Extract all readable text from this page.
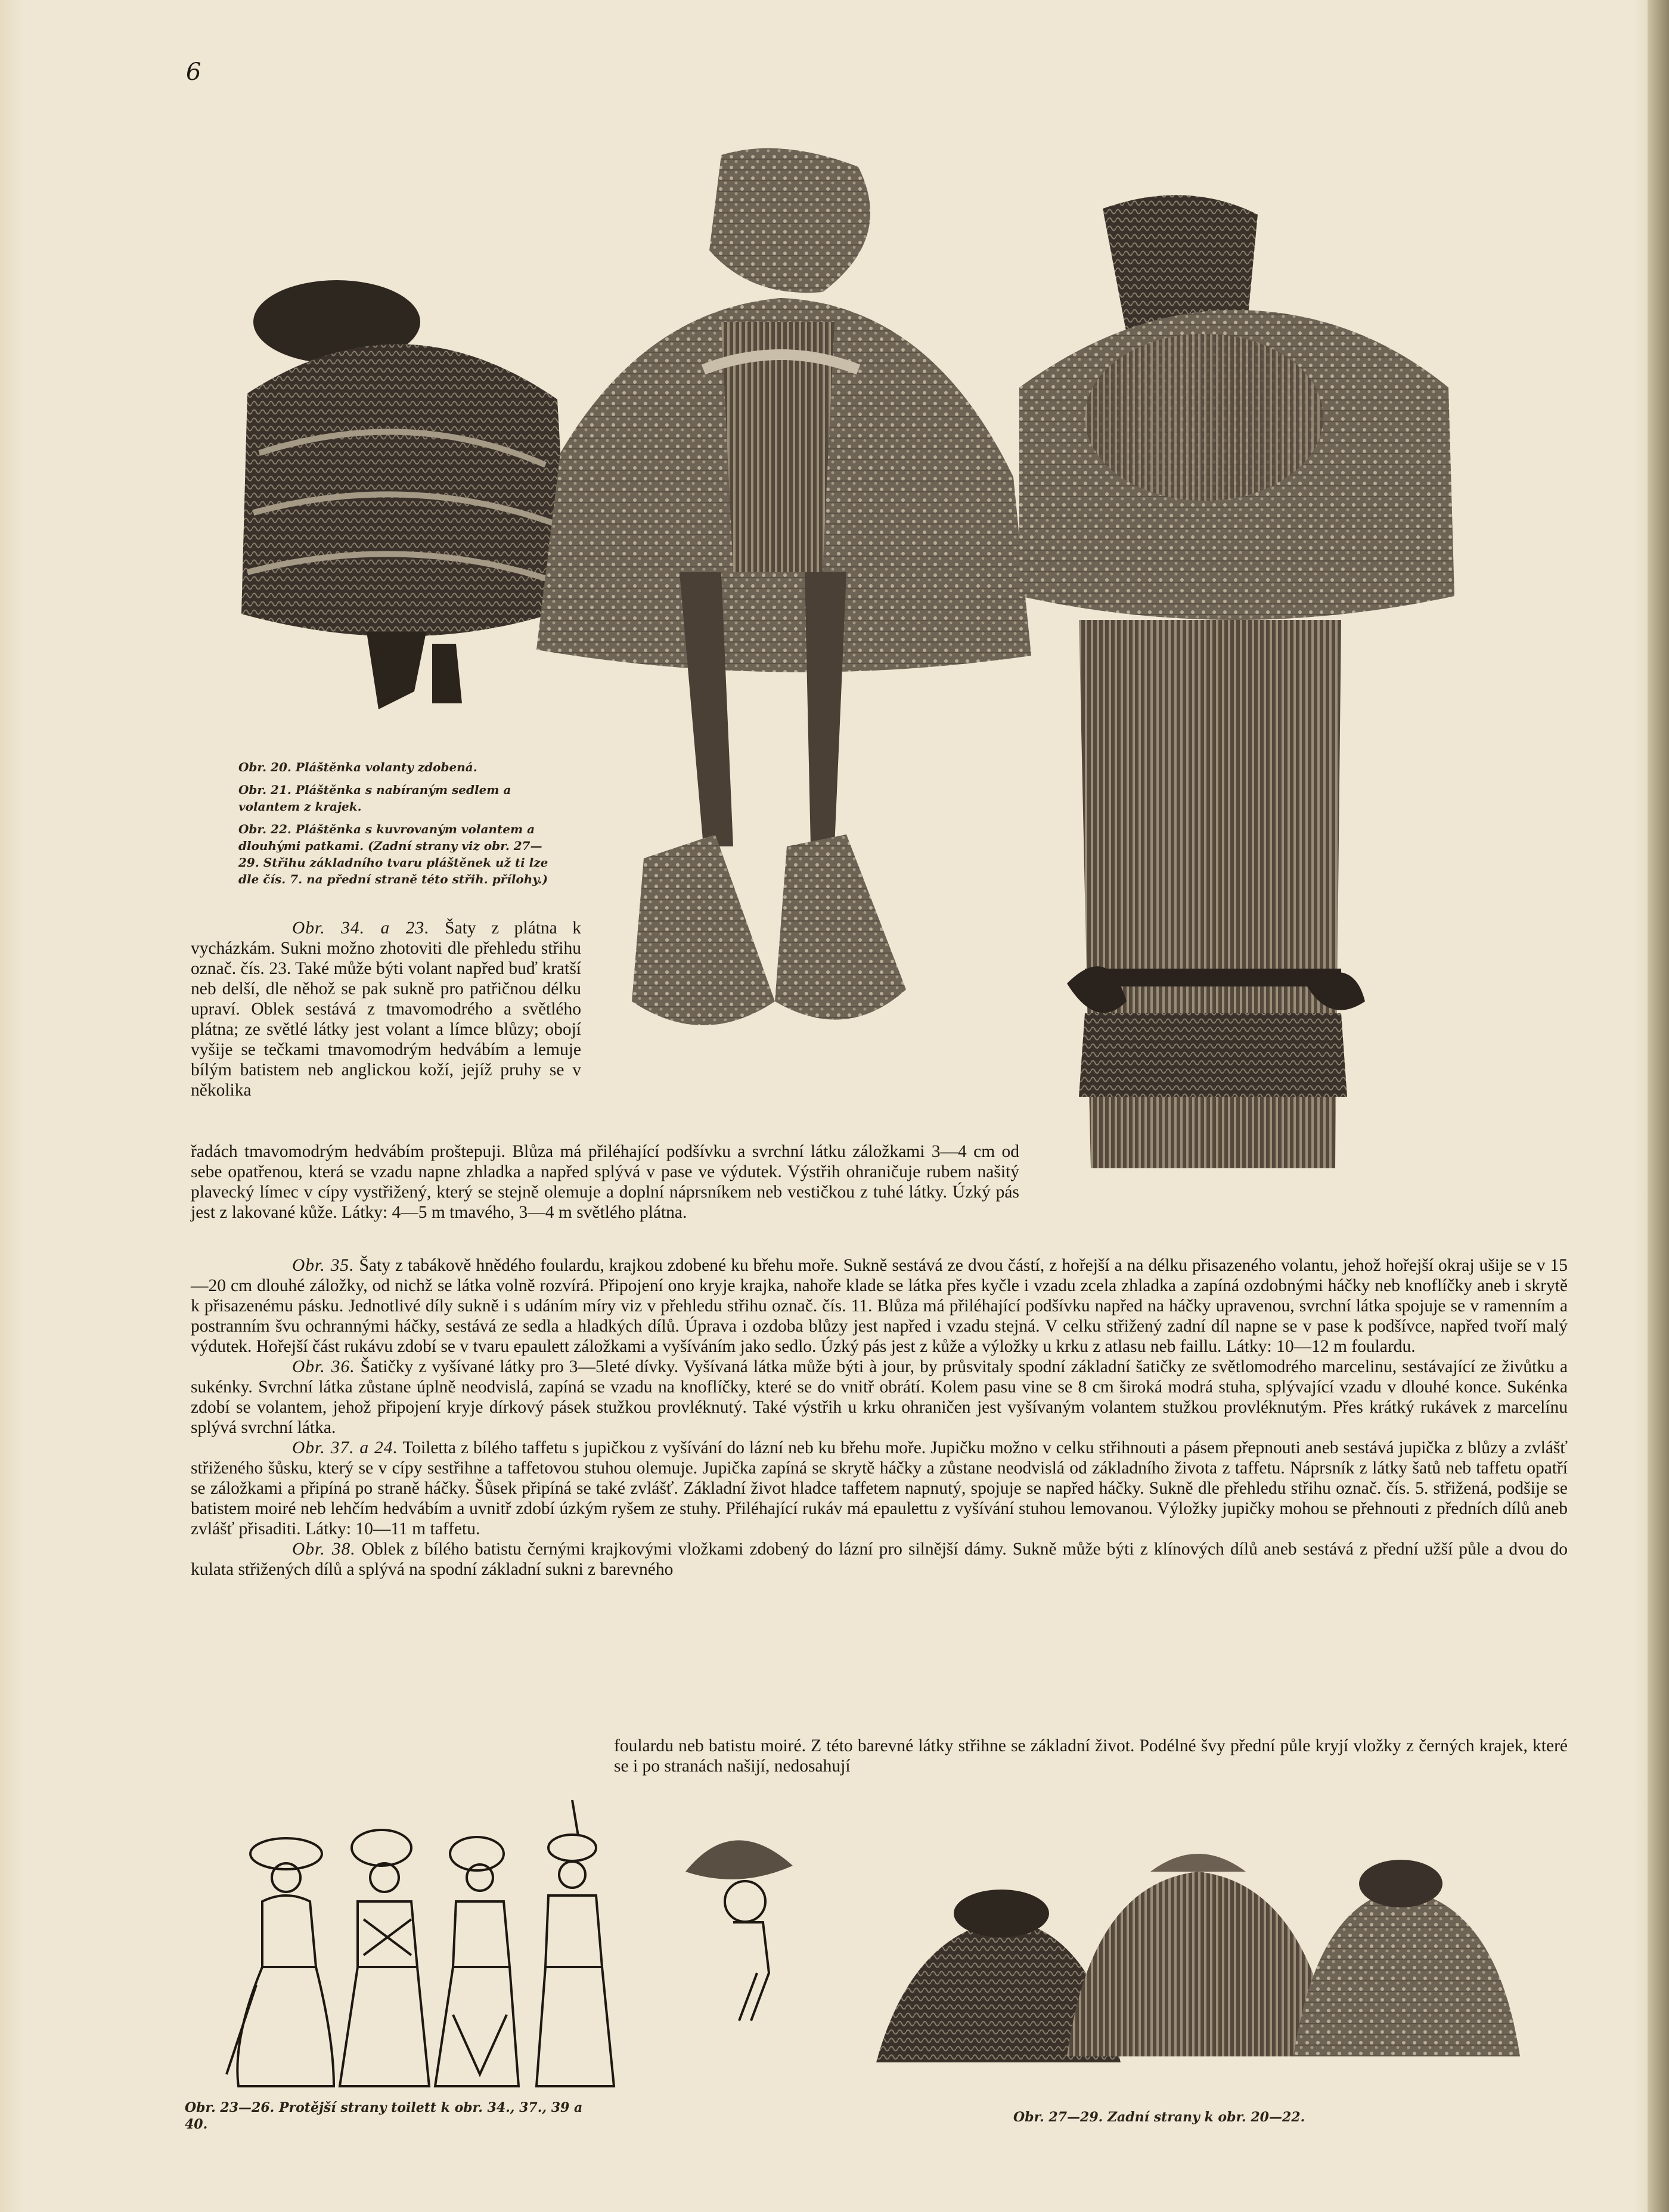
6
Obr. 20. Pláštěnka volanty zdobená.
Obr. 21. Pláštěnka s nabíraným sedlem a volantem z krajek.
Obr. 22. Pláštěnka s kuvrovaným volantem a dlouhými patkami. (Zadní strany viz obr. 27—29. Střihu základního tvaru pláštěnek už ti lze dle čís. 7. na přední straně této střih. přílohy.)

Obr. 34. a 23. Šaty z plátna k vycházkám. Sukni možno zhotoviti dle přehledu střihu označ. čís. 23. Také může býti volant napřed buď kratší neb delší, dle něhož se pak sukně pro patřičnou délku upraví. Oblek sestává z tmavomodrého a světlého plátna; ze světlé látky jest volant a límce blůzy; obojí vyšije se tečkami tmavomodrým hedvábím a lemuje bílým batistem neb anglickou koží, jejíž pruhy se v několika

řadách tmavomodrým hedvábím proštepuji. Blůza má přiléhající podšívku a svrchní látku záložkami 3—4 cm od sebe opatřenou, která se vzadu napne zhladka a napřed splývá v pase ve výdutek. Výstřih ohraničuje rubem našitý plavecký límec v cípy vystřižený, který se stejně olemuje a doplní náprsníkem neb vestičkou z tuhé látky. Úzký pás jest z lakované kůže. Látky: 4—5 m tmavého, 3—4 m světlého plátna.

Obr. 35. Šaty z tabákově hnědého foulardu, krajkou zdobené ku břehu moře. Sukně sestává ze dvou částí, z hořejší a na délku přisazeného volantu, jehož hořejší okraj ušije se v 15—20 cm dlouhé záložky, od nichž se látka volně rozvírá. Připojení ono kryje krajka, nahoře klade se látka přes kyčle i vzadu zcela zhladka a zapíná ozdobnými háčky neb knoflíčky aneb i skrytě k přisazenému pásku. Jednotlivé díly sukně i s udáním míry viz v přehledu střihu označ. čís. 11. Blůza má přiléhající podšívku napřed na háčky upravenou, svrchní látka spojuje se v ramenním a postranním švu ochrannými háčky, sestává ze sedla a hladkých dílů. Úprava i ozdoba blůzy jest napřed i vzadu stejná. V celku střižený zadní díl napne se v pase k podšívce, napřed tvoří malý výdutek. Hořejší část rukávu zdobí se v tvaru epaulett záložkami a vyšíváním jako sedlo. Úzký pás jest z kůže a výložky u krku z atlasu neb faillu. Látky: 10—12 m foulardu.

Obr. 36. Šatičky z vyšívané látky pro 3—5leté dívky. Vyšívaná látka může býti à jour, by průsvitaly spodní základní šatičky ze světlomodrého marcelinu, sestávající ze živůtku a sukénky. Svrchní látka zůstane úplně neodvislá, zapíná se vzadu na knoflíčky, které se do vnitř obrátí. Kolem pasu vine se 8 cm široká modrá stuha, splývající vzadu v dlouhé konce. Sukénka zdobí se volantem, jehož připojení kryje dírkový pásek stužkou provléknutý. Také výstřih u krku ohraničen jest vyšívaným volantem stužkou provléknutým. Přes krátký rukávek z marcelínu splývá svrchní látka.

Obr. 37. a 24. Toiletta z bílého taffetu s jupičkou z vyšívání do lázní neb ku břehu moře. Jupičku možno v celku střihnouti a pásem přepnouti aneb sestává jupička z blůzy a zvlášť střiženého šůsku, který se v cípy sestřihne a taffetovou stuhou olemuje. Jupička zapíná se skrytě háčky a zůstane neodvislá od základního života z taffetu. Náprsník z látky šatů neb taffetu opatří se záložkami a připíná po straně háčky. Šůsek připíná se také zvlášť. Základní život hladce taffetem napnutý, spojuje se napřed háčky. Sukně dle přehledu střihu označ. čís. 5. střižená, podšije se batistem moiré neb lehčím hedvábím a uvnitř zdobí úzkým ryšem ze stuhy. Přiléhající rukáv má epaulettu z vyšívání stuhou lemovanou. Výložky jupičky mohou se přehnouti z předních dílů aneb zvlášť přisaditi. Látky: 10—11 m taffetu.

Obr. 38. Oblek z bílého batistu černými krajkovými vložkami zdobený do lázní pro silnější dámy. Sukně může býti z klínových dílů aneb sestává z přední užší půle a dvou do kulata střižených dílů a splývá na spodní základní sukni z barevného

foulardu neb batistu moiré. Z této barevné látky střihne se základní život. Podélné švy přední půle kryjí vložky z černých krajek, které se i po stranách našijí, nedosahují

Obr. 23—26. Protější strany toilett k obr. 34., 37., 39 a 40.	Obr. 27—29. Zadní strany k obr. 20—22.
